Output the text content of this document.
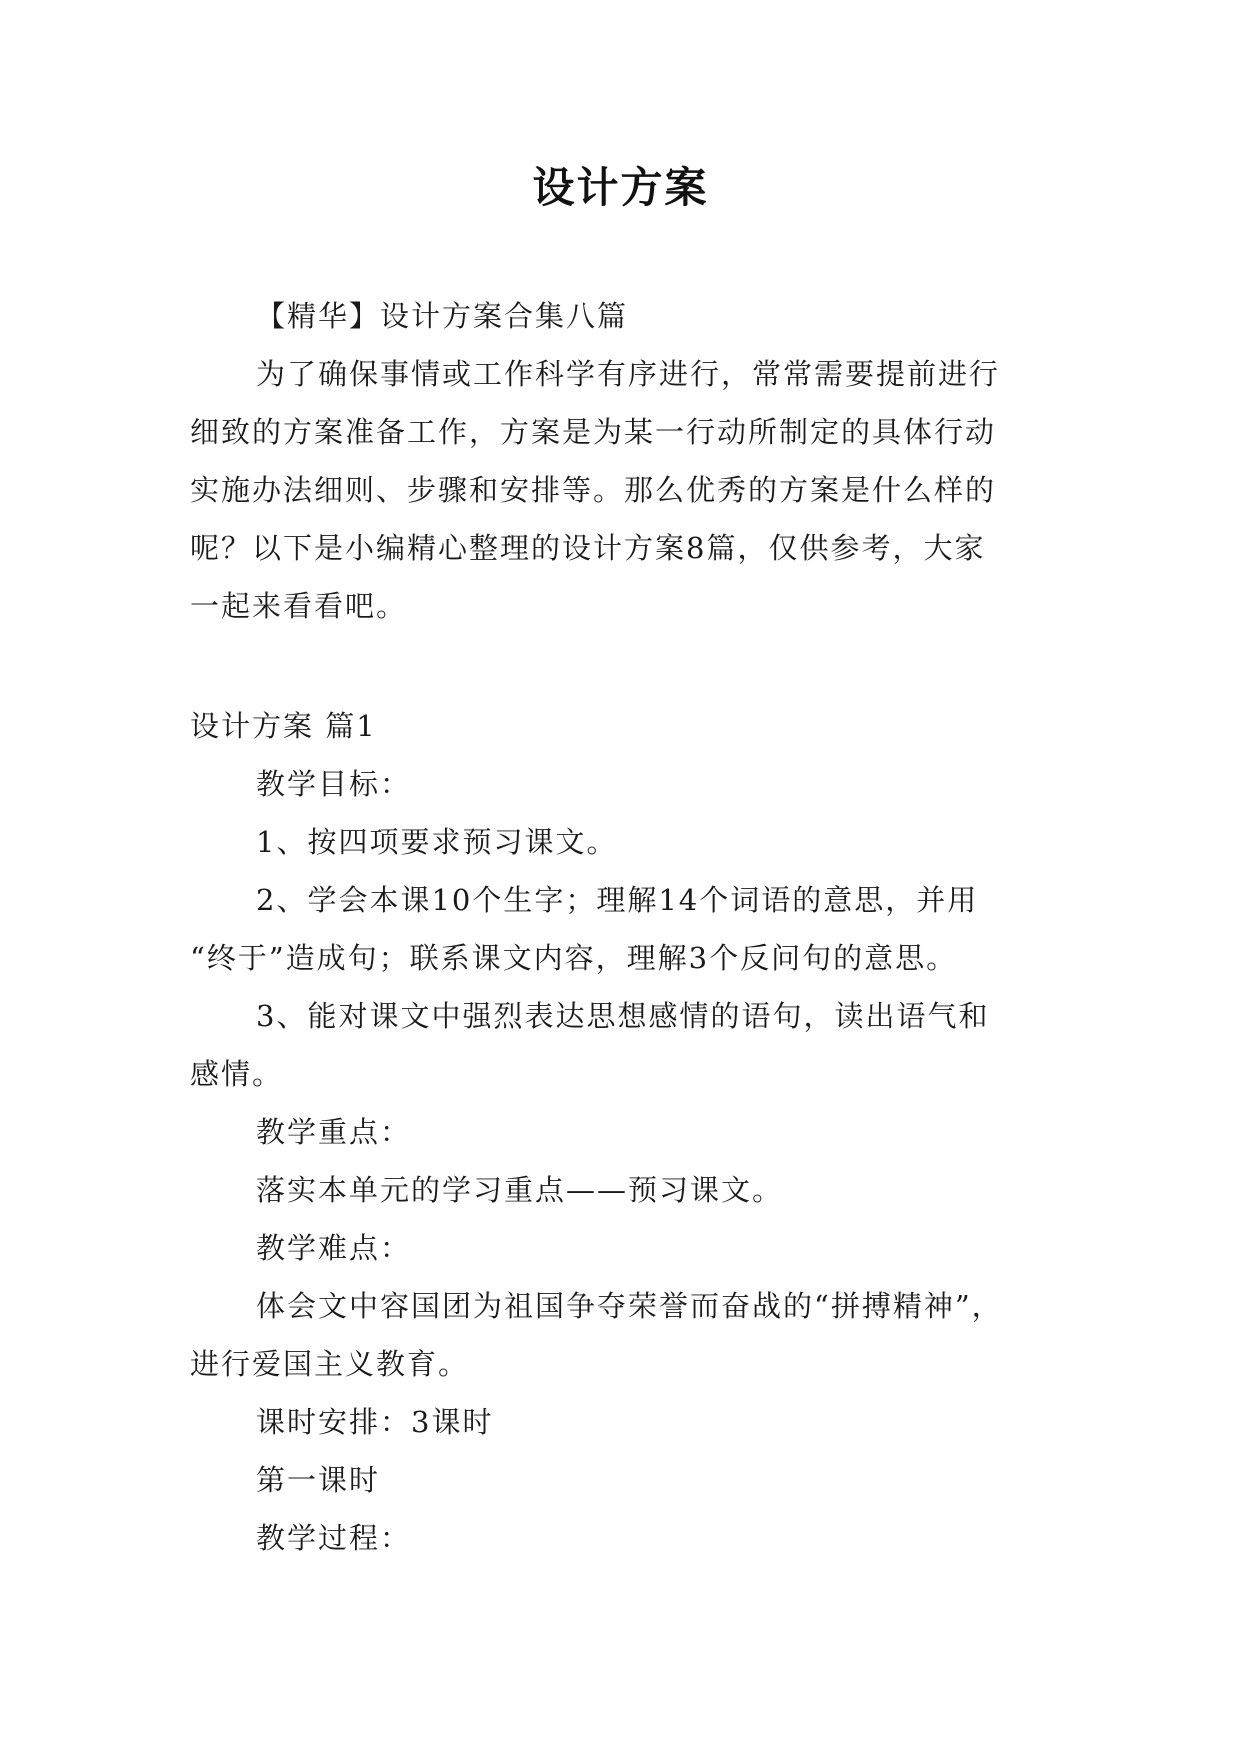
设计方案
【精华】设计方案合集八篇
为了确保事情或工作科学有序进行，常常需要提前进行
细致的方案准备工作，方案是为某一行动所制定的具体行动
实施办法细则、步骤和安排等。那么优秀的方案是什么样的
呢？以下是小编精心整理的设计方案8篇，仅供参考，大家
一起来看看吧。
设计方案 篇1
教学目标：
1、按四项要求预习课文。
2、学会本课10个生字；理解14个词语的意思，并用
“终于”造成句；联系课文内容，理解3个反问句的意思。
3、能对课文中强烈表达思想感情的语句，读出语气和
感情。
教学重点：
落实本单元的学习重点——预习课文。
教学难点：
体会文中容国团为祖国争夺荣誉而奋战的“拼搏精神”，
进行爱国主义教育。
课时安排：3课时
第一课时
教学过程：
